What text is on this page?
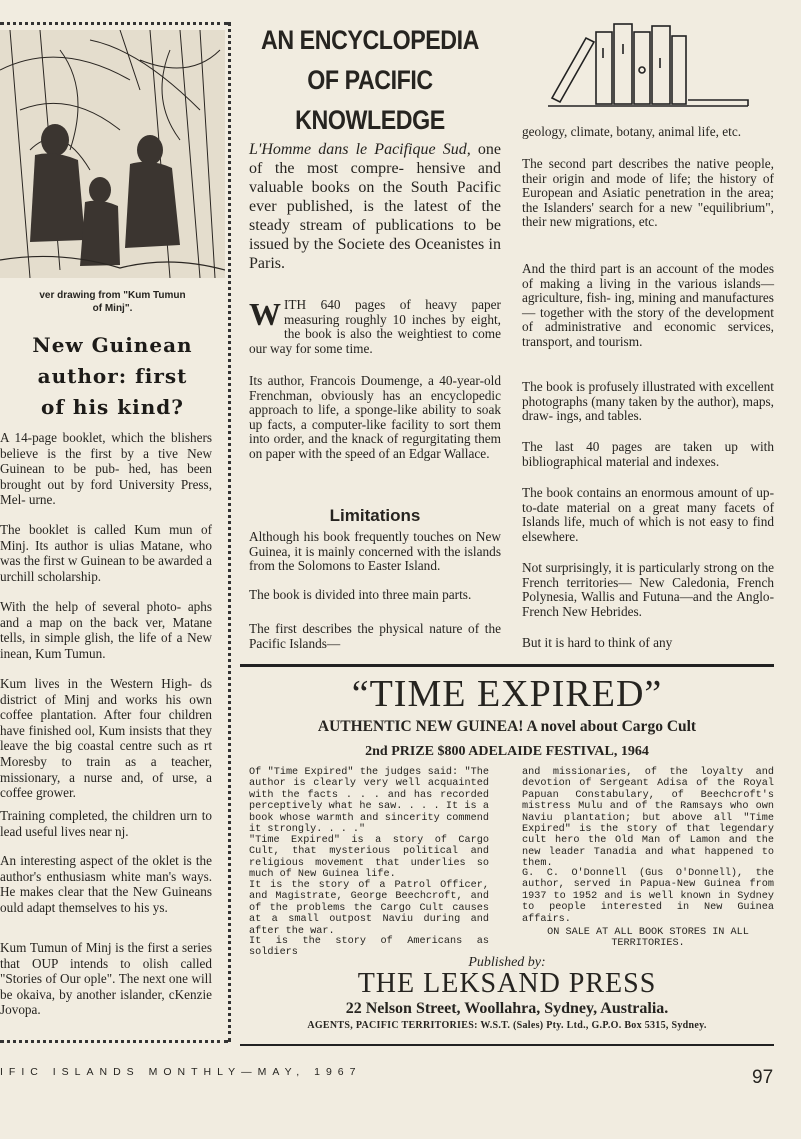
ver drawing from "Kum Tumun
of Minj".
New Guinean
author: first
of his kind?
A 14-page booklet, which the blishers believe is the first by a tive New Guinean to be pub- hed, has been brought out by ford University Press, Mel- urne.
The booklet is called Kum mun of Minj. Its author is ulias Matane, who was the first w Guinean to be awarded a urchill scholarship.
With the help of several photo- aphs and a map on the back ver, Matane tells, in simple glish, the life of a New inean, Kum Tumun.
Kum lives in the Western High- ds district of Minj and works his own coffee plantation. After four children have finished ool, Kum insists that they leave the big coastal centre such as rt Moresby to train as a teacher, missionary, a nurse and, of urse, a coffee grower.
Training completed, the children urn to lead useful lives near nj.
An interesting aspect of the oklet is the author's enthusiasm white man's ways. He makes clear that the New Guineans ould adapt themselves to his ys.
Kum Tumun of Minj is the first a series that OUP intends to olish called "Stories of Our ople". The next one will be okaiva, by another islander, cKenzie Jovopa.
AN ENCYCLOPEDIA
OF PACIFIC
KNOWLEDGE
L'Homme dans le Pacifique Sud, one of the most compre- hensive and valuable books on the South Pacific ever published, is the latest of the steady stream of publications to be issued by the Societe des Oceanistes in Paris.
WITH 640 pages of heavy paper measuring roughly 10 inches by eight, the book is also the weightiest to come our way for some time.
Its author, Francois Doumenge, a 40-year-old Frenchman, obviously has an encyclopedic approach to life, a sponge-like ability to soak up facts, a computer-like facility to sort them into order, and the knack of regurgitating them on paper with the speed of an Edgar Wallace.
Limitations
Although his book frequently touches on New Guinea, it is mainly concerned with the islands from the Solomons to Easter Island.
The book is divided into three main parts.
The first describes the physical nature of the Pacific Islands—
geology, climate, botany, animal life, etc.
The second part describes the native people, their origin and mode of life; the history of European and Asiatic penetration in the area; the Islanders' search for a new "equilibrium", their new migrations, etc.
And the third part is an account of the modes of making a living in the various islands—agriculture, fish- ing, mining and manufactures— together with the story of the development of administrative and economic services, transport, and tourism.
The book is profusely illustrated with excellent photographs (many taken by the author), maps, draw- ings, and tables.
The last 40 pages are taken up with bibliographical material and indexes.
The book contains an enormous amount of up-to-date material on a great many facets of Islands life, much of which is not easy to find elsewhere.
Not surprisingly, it is particularly strong on the French territories— New Caledonia, French Polynesia, Wallis and Futuna—and the Anglo- French New Hebrides.
But it is hard to think of any
“TIME EXPIRED”
AUTHENTIC NEW GUINEA! A novel about Cargo Cult
2nd PRIZE $800 ADELAIDE FESTIVAL, 1964
Of "Time Expired" the judges said: "The author is clearly very well acquainted with the facts . . . and has recorded perceptively what he saw. . . . It is a book whose warmth and sincerity commend it strongly. . . ."
"Time Expired" is a story of Cargo Cult, that mysterious political and religious movement that underlies so much of New Guinea life.
It is the story of a Patrol Officer, and Magistrate, George Beechcroft, and of the problems the Cargo Cult causes at a small outpost Naviu during and after the war.
It is the story of Americans as soldiers
and missionaries, of the loyalty and devotion of Sergeant Adisa of the Royal Papuan Constabulary, of Beechcroft's mistress Mulu and of the Ramsays who own Naviu plantation; but above all "Time Expired" is the story of that legendary cult hero the Old Man of Lamon and the new leader Tanadia and what happened to them.
G. C. O'Donnell (Gus O'Donnell), the author, served in Papua-New Guinea from 1937 to 1952 and is well known in Sydney to people interested in New Guinea affairs.
ON SALE AT ALL BOOK STORES IN ALL TERRITORIES.
Published by:
THE LEKSAND PRESS
22 Nelson Street, Woollahra, Sydney, Australia.
AGENTS, PACIFIC TERRITORIES: W.S.T. (Sales) Pty. Ltd., G.P.O. Box 5315, Sydney.
IFIC ISLANDS MONTHLY—MAY, 1967	97
